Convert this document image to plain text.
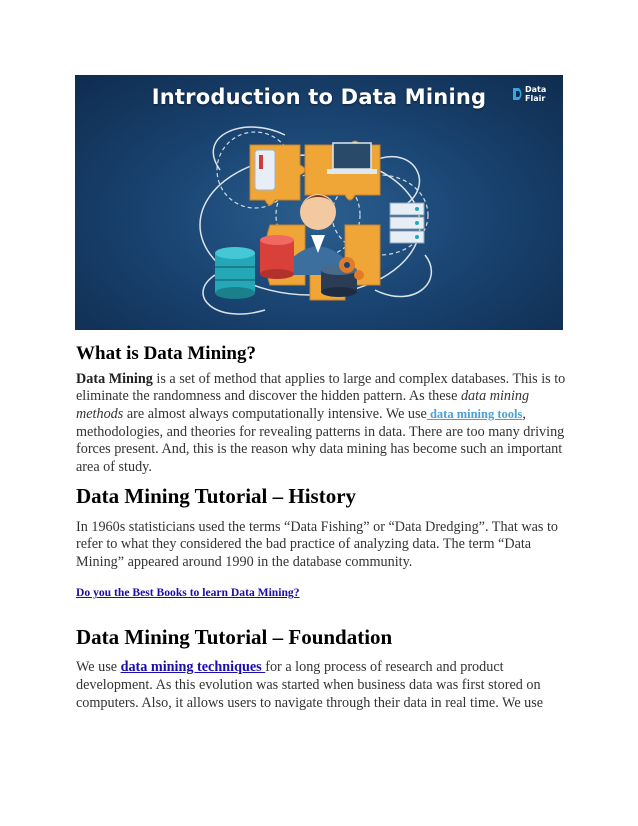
Introduction to Data Mining	Data
Flair
What is Data Mining?

Data Mining is a set of method that applies to large and complex databases. This is to eliminate the randomness and discover the hidden pattern. As these data mining methods are almost always computationally intensive. We use data mining tools, methodologies, and theories for revealing patterns in data. There are too many driving forces present. And, this is the reason why data mining has become such an important area of study.

Data Mining Tutorial – History

In 1960s statisticians used the terms “Data Fishing” or “Data Dredging”. That was to refer to what they considered the bad practice of analyzing data. The term “Data Mining” appeared around 1990 in the database community.

Do you the Best Books to learn Data Mining?
Data Mining Tutorial – Foundation

We use data mining techniques for a long process of research and product development. As this evolution was started when business data was first stored on computers. Also, it allows users to navigate through their data in real time. We use
